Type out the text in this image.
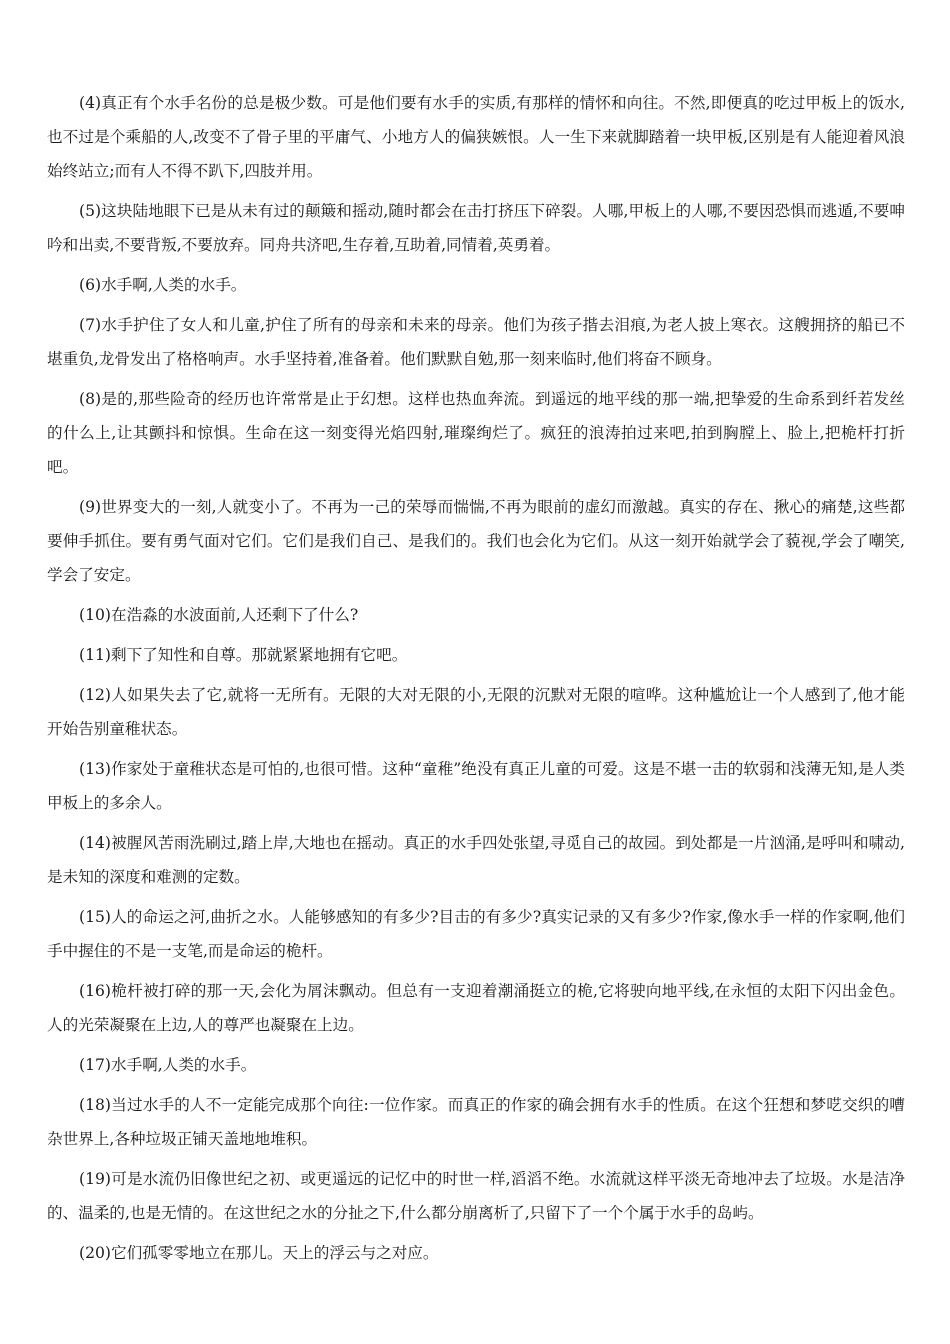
(4)真正有个水手名份的总是极少数。可是他们要有水手的实质,有那样的情怀和向往。不然,即便真的吃过甲板上的饭水,也不过是个乘船的人,改变不了骨子里的平庸气、小地方人的偏狭嫉恨。人一生下来就脚踏着一块甲板,区别是有人能迎着风浪始终站立;而有人不得不趴下,四肢并用。

(5)这块陆地眼下已是从未有过的颠簸和摇动,随时都会在击打挤压下碎裂。人哪,甲板上的人哪,不要因恐惧而逃遁,不要呻吟和出卖,不要背叛,不要放弃。同舟共济吧,生存着,互助着,同情着,英勇着。

(6)水手啊,人类的水手。

(7)水手护住了女人和儿童,护住了所有的母亲和未来的母亲。他们为孩子揩去泪痕,为老人披上寒衣。这艘拥挤的船已不堪重负,龙骨发出了格格响声。水手坚持着,准备着。他们默默自勉,那一刻来临时,他们将奋不顾身。

(8)是的,那些险奇的经历也许常常是止于幻想。这样也热血奔流。到遥远的地平线的那一端,把挚爱的生命系到纤若发丝的什么上,让其颤抖和惊惧。生命在这一刻变得光焰四射,璀璨绚烂了。疯狂的浪涛拍过来吧,拍到胸膛上、脸上,把桅杆打折吧。

(9)世界变大的一刻,人就变小了。不再为一己的荣辱而惴惴,不再为眼前的虚幻而激越。真实的存在、揪心的痛楚,这些都要伸手抓住。要有勇气面对它们。它们是我们自己、是我们的。我们也会化为它们。从这一刻开始就学会了藐视,学会了嘲笑,学会了安定。

(10)在浩淼的水波面前,人还剩下了什么?

(11)剩下了知性和自尊。那就紧紧地拥有它吧。

(12)人如果失去了它,就将一无所有。无限的大对无限的小,无限的沉默对无限的喧哗。这种尴尬让一个人感到了,他才能开始告别童稚状态。

(13)作家处于童稚状态是可怕的,也很可惜。这种“童稚”绝没有真正儿童的可爱。这是不堪一击的软弱和浅薄无知,是人类甲板上的多余人。

(14)被腥风苦雨洗刷过,踏上岸,大地也在摇动。真正的水手四处张望,寻觅自己的故园。到处都是一片汹涌,是呼叫和啸动,是未知的深度和难测的定数。

(15)人的命运之河,曲折之水。人能够感知的有多少?目击的有多少?真实记录的又有多少?作家,像水手一样的作家啊,他们手中握住的不是一支笔,而是命运的桅杆。

(16)桅杆被打碎的那一天,会化为屑沫飘动。但总有一支迎着潮涌挺立的桅,它将驶向地平线,在永恒的太阳下闪出金色。人的光荣凝聚在上边,人的尊严也凝聚在上边。

(17)水手啊,人类的水手。

(18)当过水手的人不一定能完成那个向往:一位作家。而真正的作家的确会拥有水手的性质。在这个狂想和梦呓交织的嘈杂世界上,各种垃圾正铺天盖地地堆积。

(19)可是水流仍旧像世纪之初、或更遥远的记忆中的时世一样,滔滔不绝。水流就这样平淡无奇地冲去了垃圾。水是洁净的、温柔的,也是无情的。在这世纪之水的分扯之下,什么都分崩离析了,只留下了一个个属于水手的岛屿。

(20)它们孤零零地立在那儿。天上的浮云与之对应。
